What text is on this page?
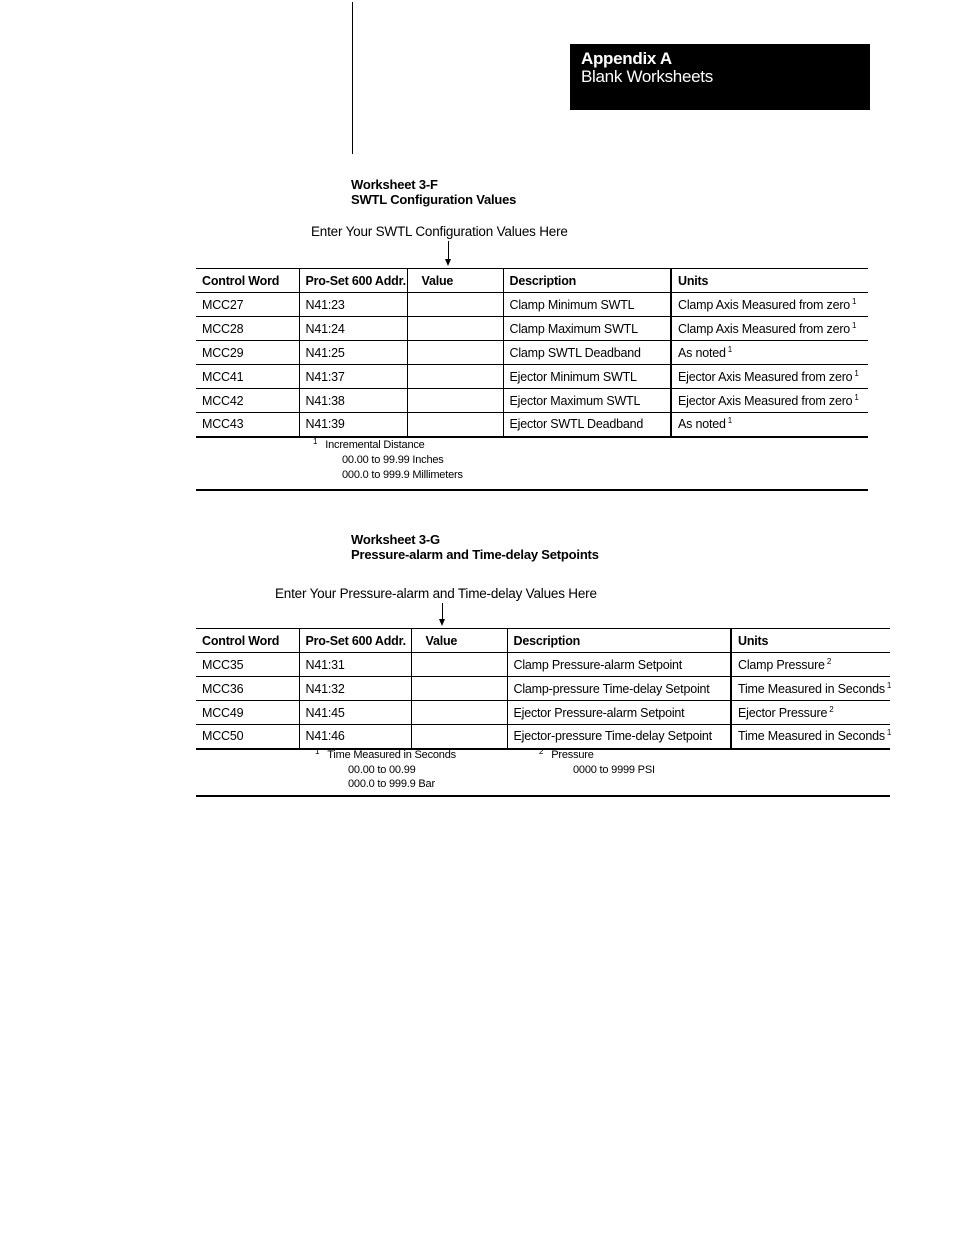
Appendix A
Blank Worksheets
Worksheet 3-F
SWTL Configuration Values
Enter Your SWTL Configuration Values Here
Control Word	Pro-Set 600 Addr.	Value	Description	Units
MCC27	N41:23		Clamp Minimum SWTL	Clamp Axis Measured from zero $^1$
MCC28	N41:24		Clamp Maximum SWTL	Clamp Axis Measured from zero $^1$
MCC29	N41:25		Clamp SWTL Deadband	As noted $^1$
MCC41	N41:37		Ejector Minimum SWTL	Ejector Axis Measured from zero $^1$
MCC42	N41:38		Ejector Maximum SWTL	Ejector Axis Measured from zero $^1$
MCC43	N41:39		Ejector SWTL Deadband	As noted $^1$
$^1$ Incremental Distance
00.00 to 99.99 Inches
000.0 to 999.9 Millimeters
Worksheet 3-G
Pressure-alarm and Time-delay Setpoints
Enter Your Pressure-alarm and Time-delay Values Here
Control Word	Pro-Set 600 Addr.	Value	Description	Units
MCC35	N41:31		Clamp Pressure-alarm Setpoint	Clamp Pressure $^2$
MCC36	N41:32		Clamp-pressure Time-delay Setpoint	Time Measured in Seconds $^1$
MCC49	N41:45		Ejector Pressure-alarm Setpoint	Ejector Pressure $^2$
MCC50	N41:46		Ejector-pressure Time-delay Setpoint	Time Measured in Seconds $^1$
$^1$ Time Measured in Seconds
00.00 to 00.99
000.0 to 999.9 Bar
$^2$ Pressure
0000 to 9999 PSI
